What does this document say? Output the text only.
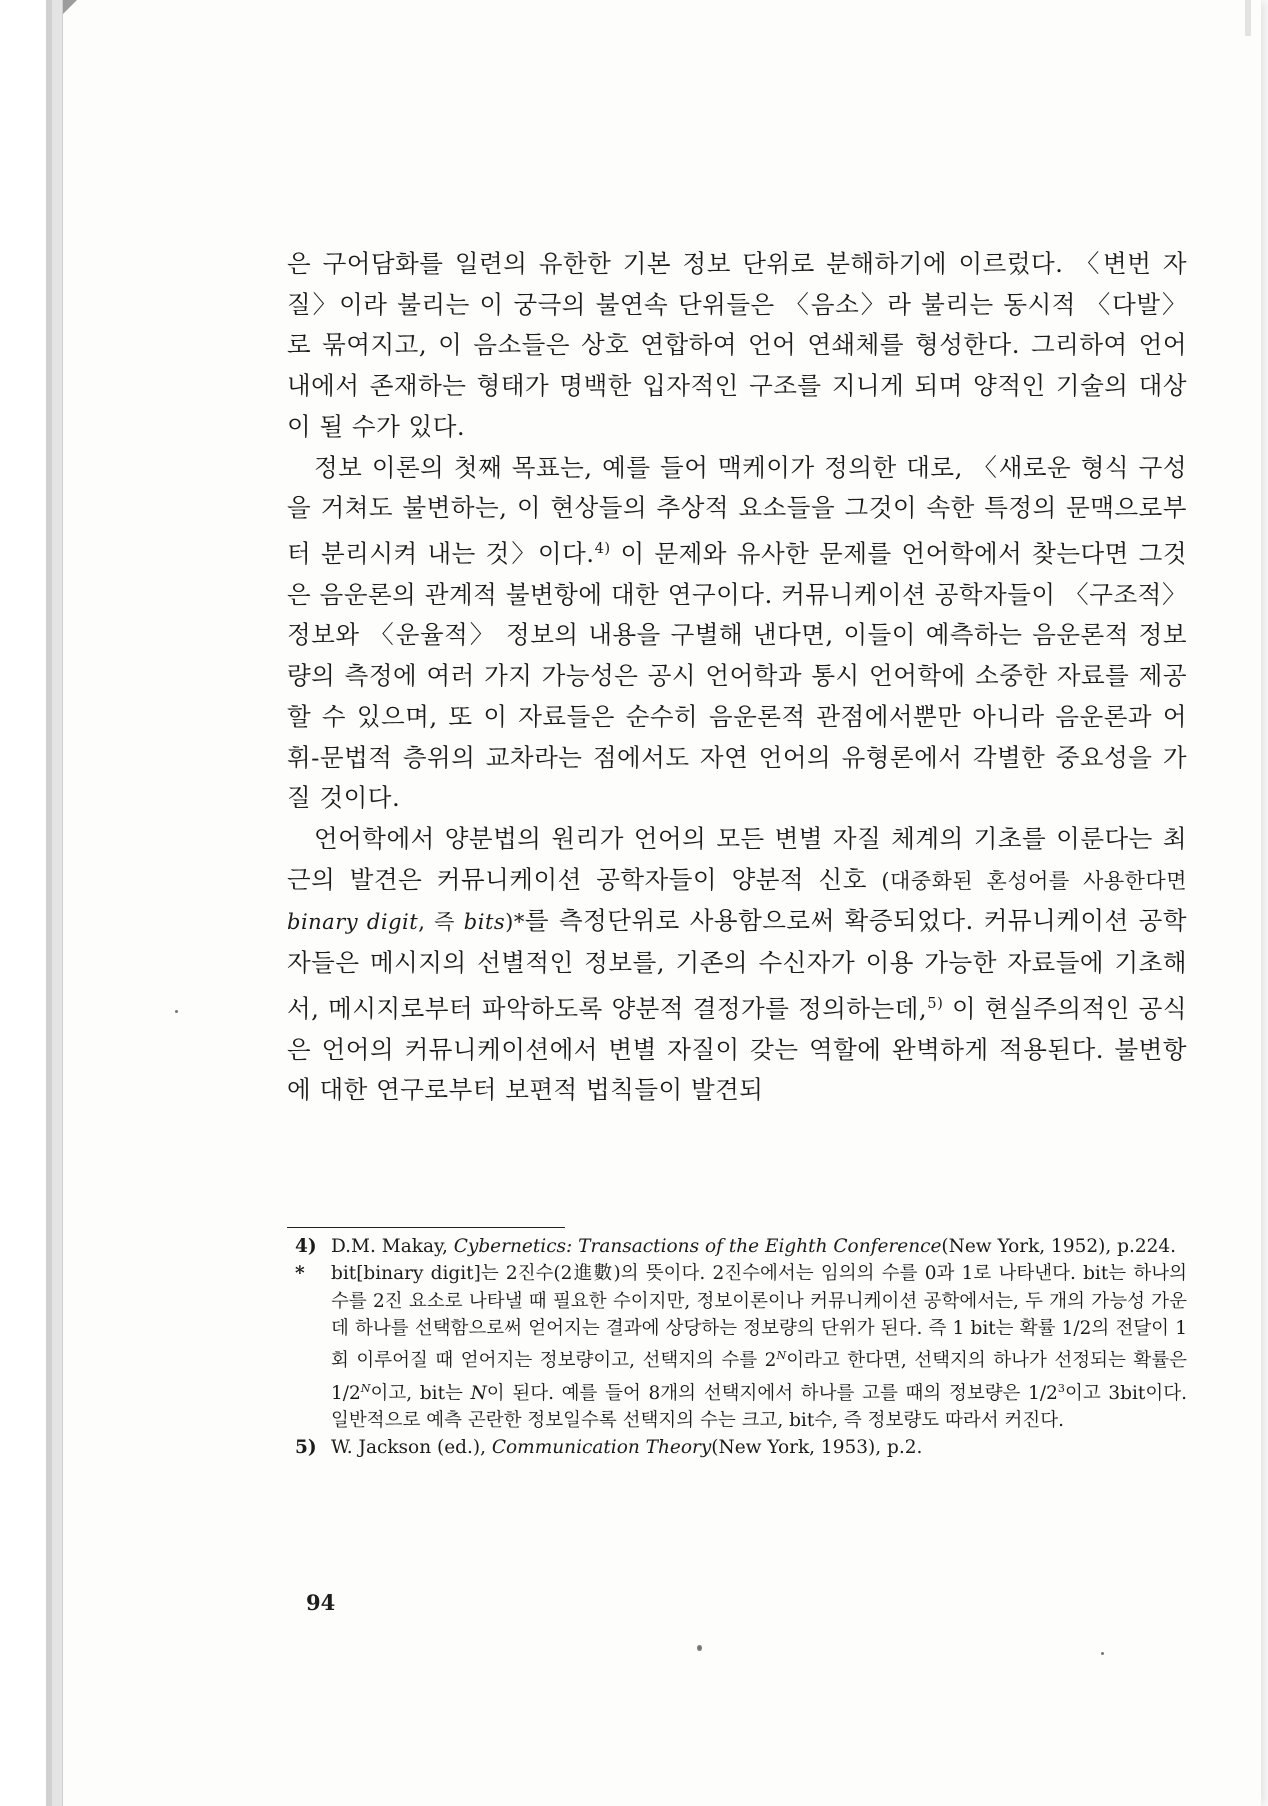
은 구어담화를 일련의 유한한 기본 정보 단위로 분해하기에 이르렀다. 〈변번 자질〉이라 불리는 이 궁극의 불연속 단위들은 〈음소〉라 불리는 동시적 〈다발〉로 묶여지고, 이 음소들은 상호 연합하여 언어 연쇄체를 형성한다. 그리하여 언어 내에서 존재하는 형태가 명백한 입자적인 구조를 지니게 되며 양적인 기술의 대상이 될 수가 있다.

정보 이론의 첫째 목표는, 예를 들어 맥케이가 정의한 대로, 〈새로운 형식 구성을 거쳐도 불변하는, 이 현상들의 추상적 요소들을 그것이 속한 특정의 문맥으로부터 분리시켜 내는 것〉이다.$^{4)}$ 이 문제와 유사한 문제를 언어학에서 찾는다면 그것은 음운론의 관계적 불변항에 대한 연구이다. 커뮤니케이션 공학자들이 〈구조적〉 정보와 〈운율적〉 정보의 내용을 구별해 낸다면, 이들이 예측하는 음운론적 정보량의 측정에 여러 가지 가능성은 공시 언어학과 통시 언어학에 소중한 자료를 제공할 수 있으며, 또 이 자료들은 순수히 음운론적 관점에서뿐만 아니라 음운론과 어휘-문법적 층위의 교차라는 점에서도 자연 언어의 유형론에서 각별한 중요성을 가질 것이다.

언어학에서 양분법의 원리가 언어의 모든 변별 자질 체계의 기초를 이룬다는 최근의 발견은 커뮤니케이션 공학자들이 양분적 신호 (대중화된 혼성어를 사용한다면 binary digit, 즉 bits)*를 측정단위로 사용함으로써 확증되었다. 커뮤니케이션 공학자들은 메시지의 선별적인 정보를, 기존의 수신자가 이용 가능한 자료들에 기초해서, 메시지로부터 파악하도록 양분적 결정가를 정의하는데,$^{5)}$ 이 현실주의적인 공식은 언어의 커뮤니케이션에서 변별 자질이 갖는 역할에 완벽하게 적용된다. 불변항에 대한 연구로부터 보편적 법칙들이 발견되

4) D.M. Makay, Cybernetics: Transactions of the Eighth Conference(New York, 1952), p.224.
*	bit[binary digit]는 2진수(2進數)의 뜻이다. 2진수에서는 임의의 수를 0과 1로 나타낸다. bit는 하나의 수를 2진 요소로 나타낼 때 필요한 수이지만, 정보이론이나 커뮤니케이션 공학에서는, 두 개의 가능성 가운데 하나를 선택함으로써 얻어지는 결과에 상당하는 정보량의 단위가 된다. 즉 1 bit는 확률 1/2의 전달이 1회 이루어질 때 얻어지는 정보량이고, 선택지의 수를 $2^N$이라고 한다면, 선택지의 하나가 선정되는 확률은 $1/2^N$이고, bit는 N이 된다. 예를 들어 8개의 선택지에서 하나를 고를 때의 정보량은 $1/2^3$이고 3bit이다. 일반적으로 예측 곤란한 정보일수록 선택지의 수는 크고, bit수, 즉 정보량도 따라서 커진다.
5) W. Jackson (ed.), Communication Theory(New York, 1953), p.2.
94
